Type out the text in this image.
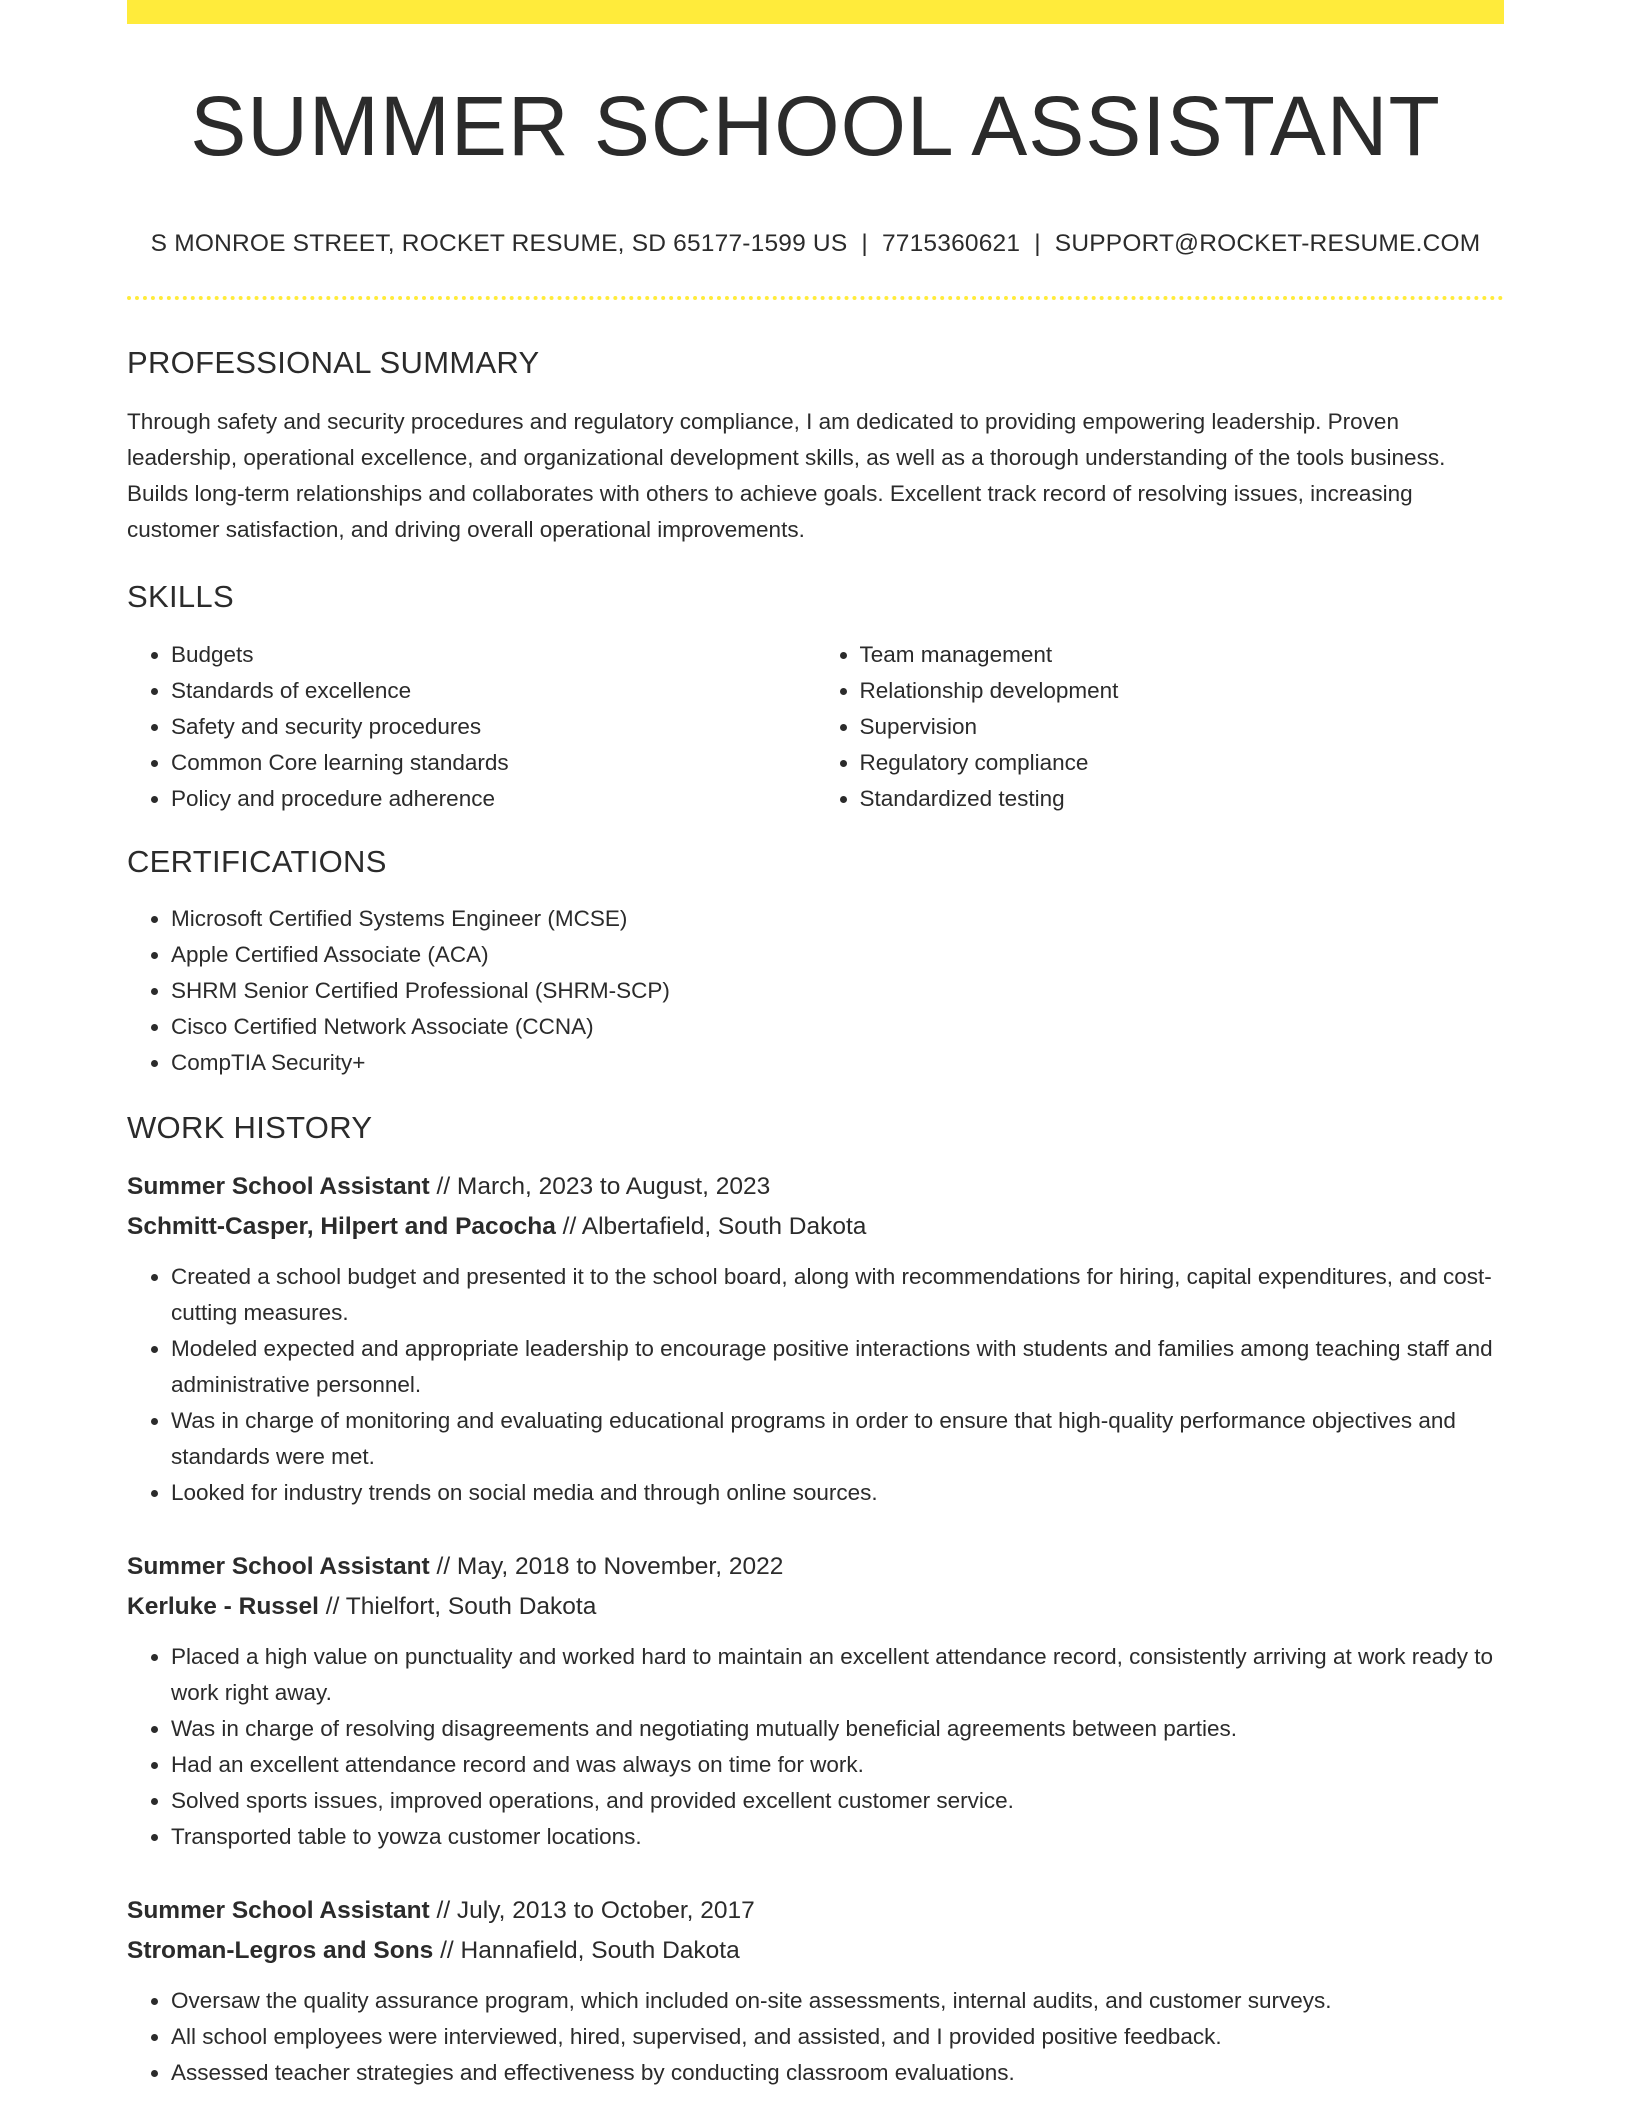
SUMMER SCHOOL ASSISTANT
S MONROE STREET, ROCKET RESUME, SD 65177-1599 US | 7715360621 | SUPPORT@ROCKET-RESUME.COM
PROFESSIONAL SUMMARY

Through safety and security procedures and regulatory compliance, I am dedicated to providing empowering leadership. Proven leadership, operational excellence, and organizational development skills, as well as a thorough understanding of the tools business. Builds long-term relationships and collaborates with others to achieve goals. Excellent track record of resolving issues, increasing customer satisfaction, and driving overall operational improvements.

SKILLS
• Budgets
• Standards of excellence
• Safety and security procedures
• Common Core learning standards
• Policy and procedure adherence
• Team management
• Relationship development
• Supervision
• Regulatory compliance
• Standardized testing
CERTIFICATIONS
• Microsoft Certified Systems Engineer (MCSE)
• Apple Certified Associate (ACA)
• SHRM Senior Certified Professional (SHRM-SCP)
• Cisco Certified Network Associate (CCNA)
• CompTIA Security+
WORK HISTORY
Summer School Assistant // March, 2023 to August, 2023
Schmitt-Casper, Hilpert and Pacocha // Albertafield, South Dakota
• Created a school budget and presented it to the school board, along with recommendations for hiring, capital expenditures, and cost-cutting measures.
• Modeled expected and appropriate leadership to encourage positive interactions with students and families among teaching staff and administrative personnel.
• Was in charge of monitoring and evaluating educational programs in order to ensure that high-quality performance objectives and standards were met.
• Looked for industry trends on social media and through online sources.
Summer School Assistant // May, 2018 to November, 2022
Kerluke - Russel // Thielfort, South Dakota
• Placed a high value on punctuality and worked hard to maintain an excellent attendance record, consistently arriving at work ready to work right away.
• Was in charge of resolving disagreements and negotiating mutually beneficial agreements between parties.
• Had an excellent attendance record and was always on time for work.
• Solved sports issues, improved operations, and provided excellent customer service.
• Transported table to yowza customer locations.
Summer School Assistant // July, 2013 to October, 2017
Stroman-Legros and Sons // Hannafield, South Dakota
• Oversaw the quality assurance program, which included on-site assessments, internal audits, and customer surveys.
• All school employees were interviewed, hired, supervised, and assisted, and I provided positive feedback.
• Assessed teacher strategies and effectiveness by conducting classroom evaluations.
